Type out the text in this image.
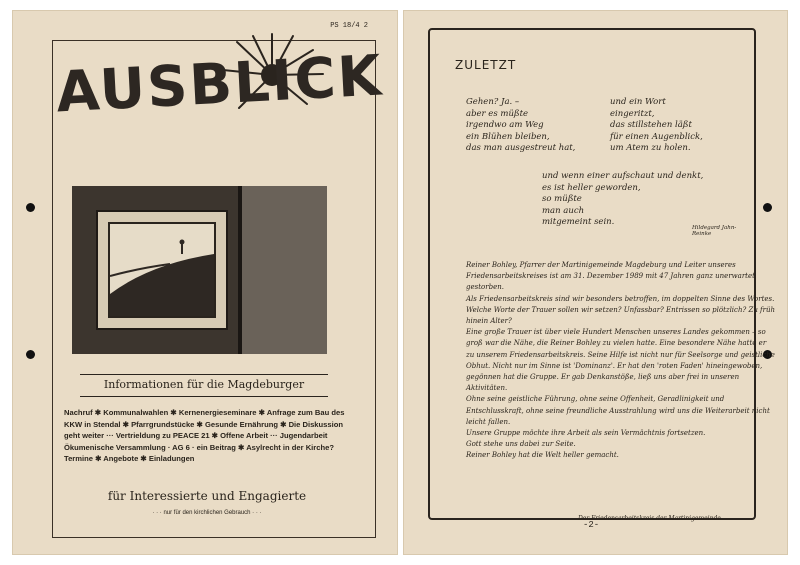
PS 18/4 2
AUSBLICK
Informationen für die Magdeburger
Nachruf ✱ Kommunalwahlen ✱ Kernenergieseminare ✱ Anfrage zum Bau des
KKW in Stendal ✱ Pfarrgrundstücke ✱ Gesunde Ernährung ✱ Die Diskussion
geht weiter ··· Vertrieldung zu PEACE 21 ✱ Offene Arbeit ··· Jugendarbeit
Ökumenische Versammlung · AG 6 · ein Beitrag ✱ Asylrecht in der Kirche?
Termine ✱ Angebote ✱ Einladungen
für Interessierte und Engagierte
· · · nur für den kirchlichen Gebrauch · · ·
ZULETZT
Gehen? Ja. –
aber es müßte
irgendwo am Weg
ein Blühen bleiben,
das man ausgestreut hat,
und ein Wort
eingeritzt,
das stillstehen läßt
für einen Augenblick,
um Atem zu holen.
und wenn einer aufschaut und denkt,
es ist heller geworden,
so müßte
man auch
mitgemeint sein.
Hildegard Jahn-Reinke

Reiner Bohley, Pfarrer der Martinigemeinde Magdeburg und Leiter unseres Friedensarbeitskreises ist am 31. Dezember 1989 mit 47 Jahren ganz unerwartet gestorben.

Als Friedensarbeitskreis sind wir besonders betroffen, im doppelten Sinne des Wortes. Welche Worte der Trauer sollen wir setzen? Unfassbar? Entrissen so plötzlich? Zu früh hinein Alter?

Eine große Trauer ist über viele Hundert Menschen unseres Landes gekommen – so groß war die Nähe, die Reiner Bohley zu vielen hatte. Eine besondere Nähe hatte er zu unserem Friedensarbeitskreis. Seine Hilfe ist nicht nur für Seelsorge und geistliche Obhut. Nicht nur im Sinne ist 'Dominanz'. Er hat den 'roten Faden' hineingewoben, gegönnen hat die Gruppe. Er gab Denkanstöße, ließ uns aber frei in unseren Aktivitäten.

Ohne seine geistliche Führung, ohne seine Offenheit, Geradlinigkeit und Entschlusskraft, ohne seine freundliche Ausstrahlung wird uns die Weiterarbeit nicht leicht fallen.

Unsere Gruppe möchte ihre Arbeit als sein Vermächtnis fortsetzen.

Gott stehe uns dabei zur Seite.

Reiner Bohley hat die Welt heller gemacht.

Der Friedensarbeitskreis der Martinigemeinde
-2-
